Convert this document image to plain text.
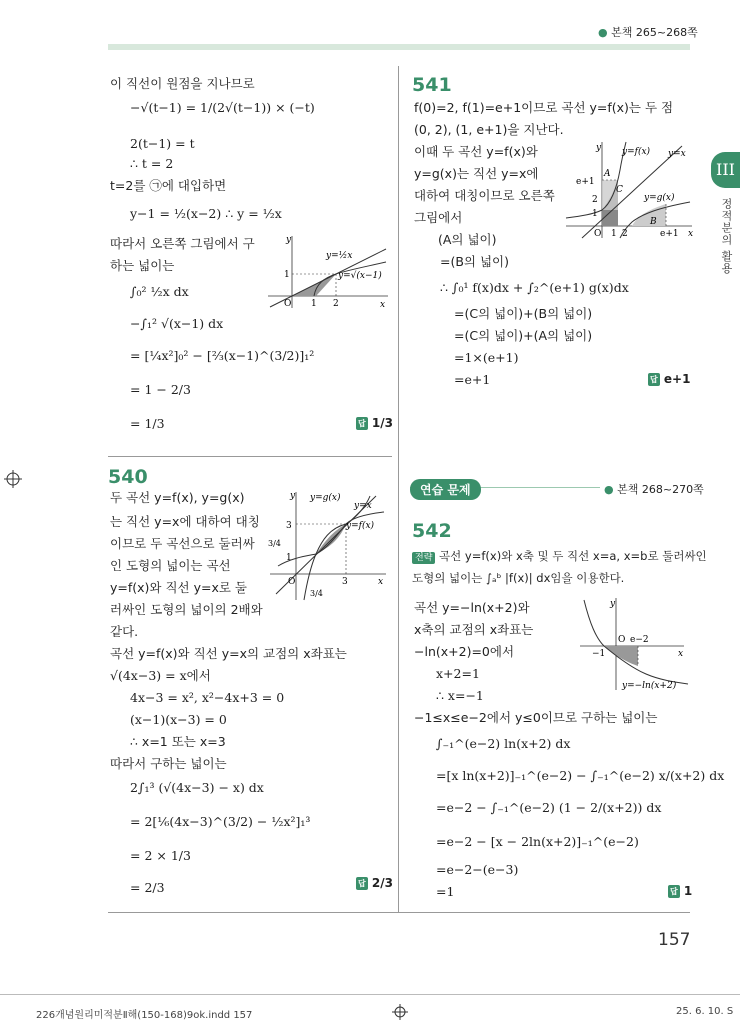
● 본책 265~268쪽
III
정적분의 활용
이 직선이 원점을 지나므로
−√(t−1) = 1/(2√(t−1)) × (−t)
2(t−1) = t
∴ t = 2
t=2를 ㉠에 대입하면
y−1 = ½(x−2) ∴ y = ½x
따라서 오른쪽 그림에서 구
하는 넓이는
∫₀² ½x dx
−∫₁² √(x−1) dx
= [¼x²]₀² − [⅔(x−1)^(3/2)]₁²
= 1 − 2/3
= 1/3	답 1/3
y
x
O 1 2
1
y=½x
y=√(x−1)
540
두 곡선 y=f(x), y=g(x)
는 직선 y=x에 대하여 대칭
이므로 두 곡선으로 둘러싸
인 도형의 넓이는 곡선
y=f(x)와 직선 y=x로 둘
러싸인 도형의 넓이의 2배와
같다.
곡선 y=f(x)와 직선 y=x의 교점의 x좌표는
√(4x−3) = x에서
4x−3 = x², x²−4x+3 = 0
(x−1)(x−3) = 0
∴ x=1 또는 x=3
따라서 구하는 넓이는
2∫₁³ (√(4x−3) − x) dx
= 2[⅙(4x−3)^(3/2) − ½x²]₁³
= 2 × 1/3
= 2/3	답 2/3
y
x
y=g(x)
y=x
y=f(x)
3
3/4
1
O	3
3/4
541
f(0)=2, f(1)=e+1이므로 곡선 y=f(x)는 두 점
(0, 2), (1, e+1)을 지난다.
이때 두 곡선 y=f(x)와
y=g(x)는 직선 y=x에
대하여 대칭이므로 오른쪽
그림에서
(A의 넓이)
=(B의 넓이)
∴ ∫₀¹ f(x)dx + ∫₂^(e+1) g(x)dx
=(C의 넓이)+(B의 넓이)
=(C의 넓이)+(A의 넓이)
=1×(e+1)
=e+1	답 e+1
y
x
y=f(x) y=x
e+1
2
1
A
C
B
y=g(x)
O 1 2	e+1
연습 문제	● 본책 268~270쪽
542
전략 곡선 y=f(x)와 x축 및 두 직선 x=a, x=b로 둘러싸인
도형의 넓이는 ∫ₐᵇ |f(x)| dx임을 이용한다.
곡선 y=−ln(x+2)와
x축의 교점의 x좌표는
−ln(x+2)=0에서
x+2=1
∴ x=−1
−1≤x≤e−2에서 y≤0이므로 구하는 넓이는
∫₋₁^(e−2) ln(x+2) dx
=[x ln(x+2)]₋₁^(e−2) − ∫₋₁^(e−2) x/(x+2) dx
=e−2 − ∫₋₁^(e−2) (1 − 2/(x+2)) dx
=e−2 − [x − 2ln(x+2)]₋₁^(e−2)
=e−2−(e−3)
=1	답 1
y
x
O e−2
−1
y=−ln(x+2)
157
226개념원리미적분Ⅱ해(150-168)9ok.indd 157	25. 6. 10. S
